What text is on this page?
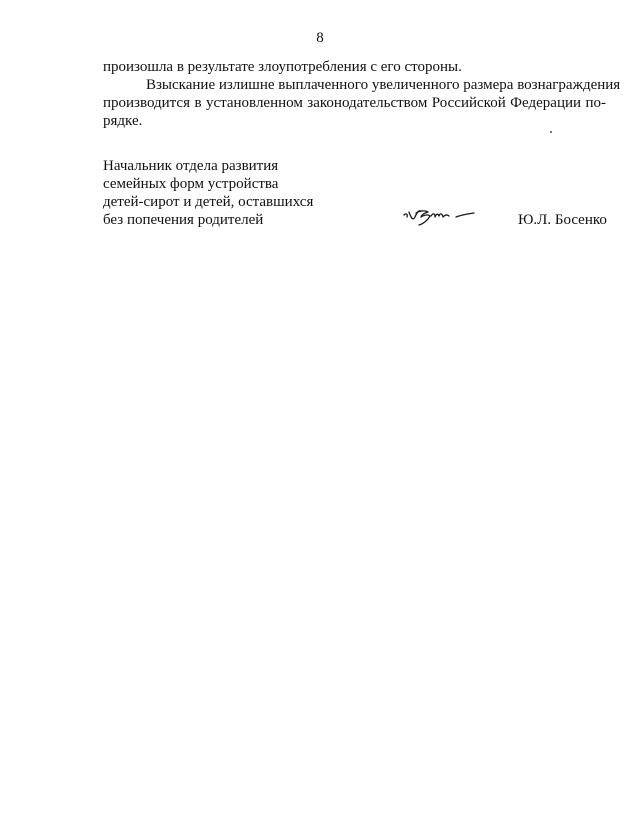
8
произошла в результате злоупотребления с его стороны.
Взыскание излишне выплаченного увеличенного размера вознаграждения
производится в установленном законодательством Российской Федерации по-
рядке.
Начальник отдела развития
семейных форм устройства
детей-сирот и детей, оставшихся
без попечения родителей	Ю.Л. Босенко
